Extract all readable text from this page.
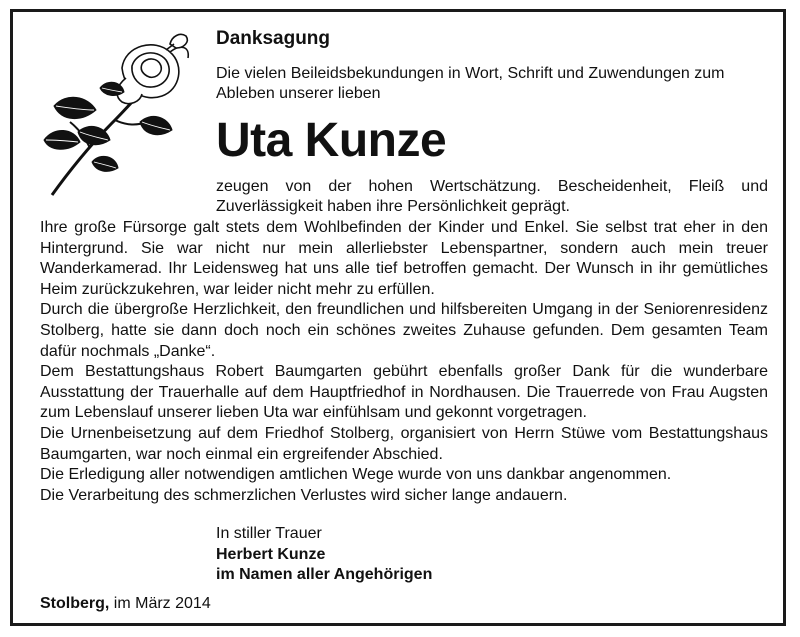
Danksagung

Die vielen Beileidsbekundungen in Wort, Schrift und Zuwendungen zum Ableben unserer lieben

Uta Kunze

zeugen von der hohen Wertschätzung. Bescheidenheit, Fleiß und Zuverlässigkeit haben ihre Persönlichkeit geprägt.

Ihre große Fürsorge galt stets dem Wohlbefinden der Kinder und Enkel. Sie selbst trat eher in den Hintergrund. Sie war nicht nur mein allerliebster Lebenspartner, sondern auch mein treuer Wanderkamerad. Ihr Leidensweg hat uns alle tief betroffen gemacht. Der Wunsch in ihr gemütliches Heim zurückzukehren, war leider nicht mehr zu erfüllen.

Durch die übergroße Herzlichkeit, den freundlichen und hilfsbereiten Umgang in der Seniorenresidenz Stolberg, hatte sie dann doch noch ein schönes zweites Zuhause gefunden. Dem gesamten Team dafür nochmals „Danke“.

Dem Bestattungshaus Robert Baumgarten gebührt ebenfalls großer Dank für die wunderbare Ausstattung der Trauerhalle auf dem Hauptfriedhof in Nordhausen. Die Trauerrede von Frau Augsten zum Lebenslauf unserer lieben Uta war einfühlsam und gekonnt vorgetragen.

Die Urnenbeisetzung auf dem Friedhof Stolberg, organisiert von Herrn Stüwe vom Bestattungshaus Baumgarten, war noch einmal ein ergreifender Abschied.

Die Erledigung aller notwendigen amtlichen Wege wurde von uns dankbar angenommen.

Die Verarbeitung des schmerzlichen Verlustes wird sicher lange andauern.

In stiller Trauer
Herbert Kunze
im Namen aller Angehörigen
Stolberg, im März 2014
